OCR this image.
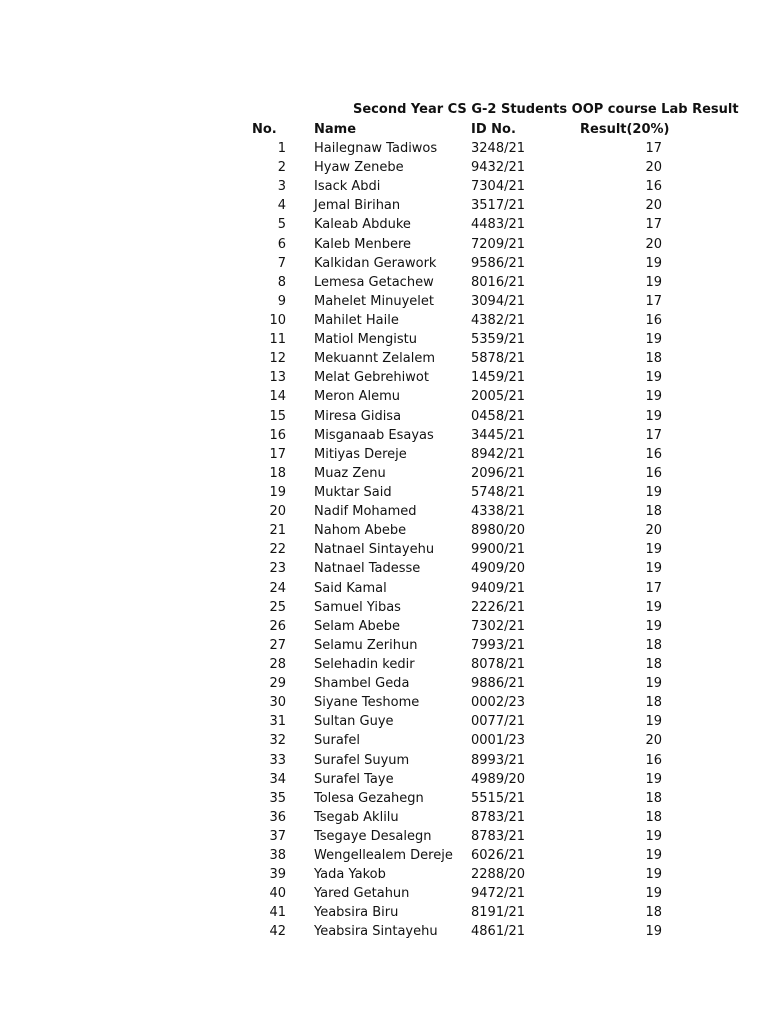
Second Year CS G-2 Students OOP course Lab Result
No.	Name	ID No.	Result(20%)
1 Hailegnaw Tadiwos	3248/21	17
2 Hyaw Zenebe	9432/21	20
3 Isack Abdi	7304/21	16
4 Jemal Birihan	3517/21	20
5 Kaleab Abduke	4483/21	17
6 Kaleb Menbere	7209/21	20
7 Kalkidan Gerawork	9586/21	19
8 Lemesa Getachew	8016/21	19
9 Mahelet Minuyelet	3094/21	17
10 Mahilet Haile	4382/21	16
11 Matiol Mengistu	5359/21	19
12 Mekuannt Zelalem	5878/21	18
13 Melat Gebrehiwot	1459/21	19
14 Meron Alemu	2005/21	19
15 Miresa Gidisa	0458/21	19
16 Misganaab Esayas	3445/21	17
17 Mitiyas Dereje	8942/21	16
18 Muaz Zenu	2096/21	16
19 Muktar Said	5748/21	19
20 Nadif Mohamed	4338/21	18
21 Nahom Abebe	8980/20	20
22 Natnael Sintayehu	9900/21	19
23 Natnael Tadesse	4909/20	19
24 Said Kamal	9409/21	17
25 Samuel Yibas	2226/21	19
26 Selam Abebe	7302/21	19
27 Selamu Zerihun	7993/21	18
28 Selehadin kedir	8078/21	18
29 Shambel Geda	9886/21	19
30 Siyane Teshome	0002/23	18
31 Sultan Guye	0077/21	19
32 Surafel	0001/23	20
33 Surafel Suyum	8993/21	16
34 Surafel Taye	4989/20	19
35 Tolesa Gezahegn	5515/21	18
36 Tsegab Aklilu	8783/21	18
37 Tsegaye Desalegn	8783/21	19
38 Wengellealem Dereje 6026/21	19
39 Yada Yakob	2288/20	19
40 Yared Getahun	9472/21	19
41 Yeabsira Biru	8191/21	18
42 Yeabsira Sintayehu	4861/21	19
